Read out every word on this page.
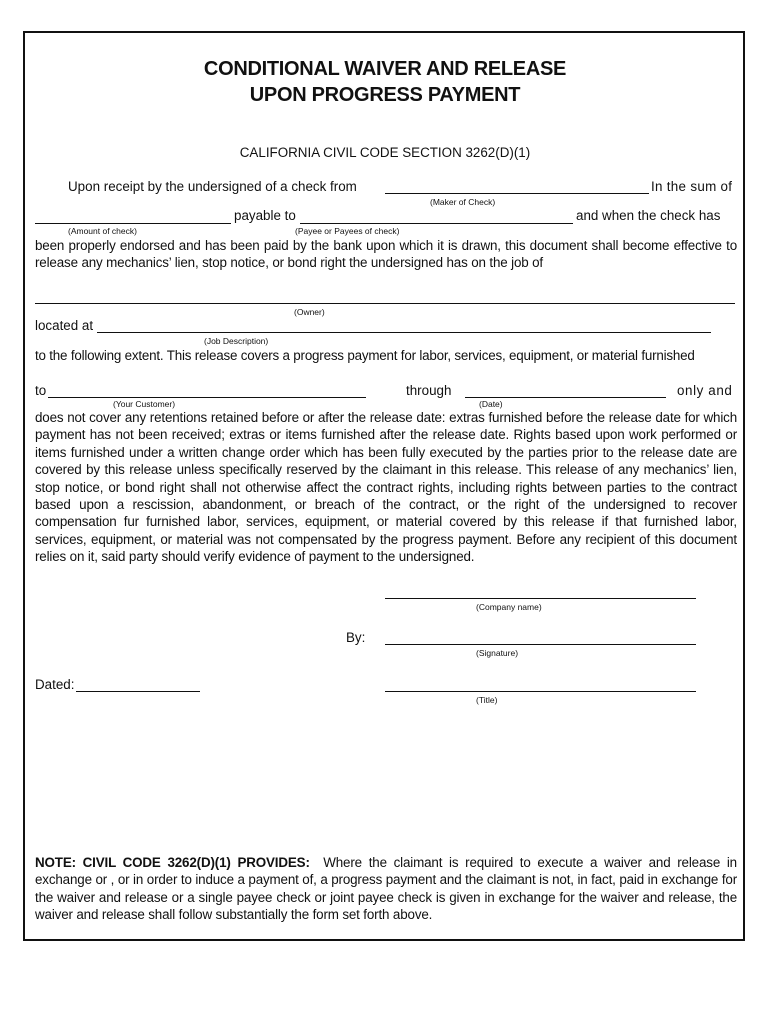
CONDITIONAL WAIVER AND RELEASE
UPON PROGRESS PAYMENT
CALIFORNIA CIVIL CODE SECTION 3262(D)(1)
Upon receipt by the undersigned of a check from	In the sum of
(Maker of Check)
payable to	and when the check has
(Amount of check)	(Payee or Payees of check)
been properly endorsed and has been paid by the bank upon which it is drawn, this document shall become effective to release any mechanics’ lien, stop notice, or bond right the undersigned has on the job of
(Owner)
located at
(Job Description)
to the following extent. This release covers a progress payment for labor, services, equipment, or material furnished
to	through	only and
(Your Customer)	(Date)
does not cover any retentions retained before or after the release date: extras furnished before the release date for which payment has not been received; extras or items furnished after the release date. Rights based upon work performed or items furnished under a written change order which has been fully executed by the parties prior to the release date are covered by this release unless specifically reserved by the claimant in this release. This release of any mechanics’ lien, stop notice, or bond right shall not otherwise affect the contract rights, including rights between parties to the contract based upon a rescission, abandonment, or breach of the contract, or the right of the undersigned to recover compensation fur furnished labor, services, equipment, or material covered by this release if that furnished labor, services, equipment, or material was not compensated by the progress payment. Before any recipient of this document relies on it, said party should verify evidence of payment to the undersigned.
(Company name)
By:
(Signature)
Dated:
(Title)
NOTE: CIVIL CODE 3262(D)(1) PROVIDES: Where the claimant is required to execute a waiver and release in exchange or , or in order to induce a payment of, a progress payment and the claimant is not, in fact, paid in exchange for the waiver and release or a single payee check or joint payee check is given in exchange for the waiver and release, the waiver and release shall follow substantially the form set forth above.
